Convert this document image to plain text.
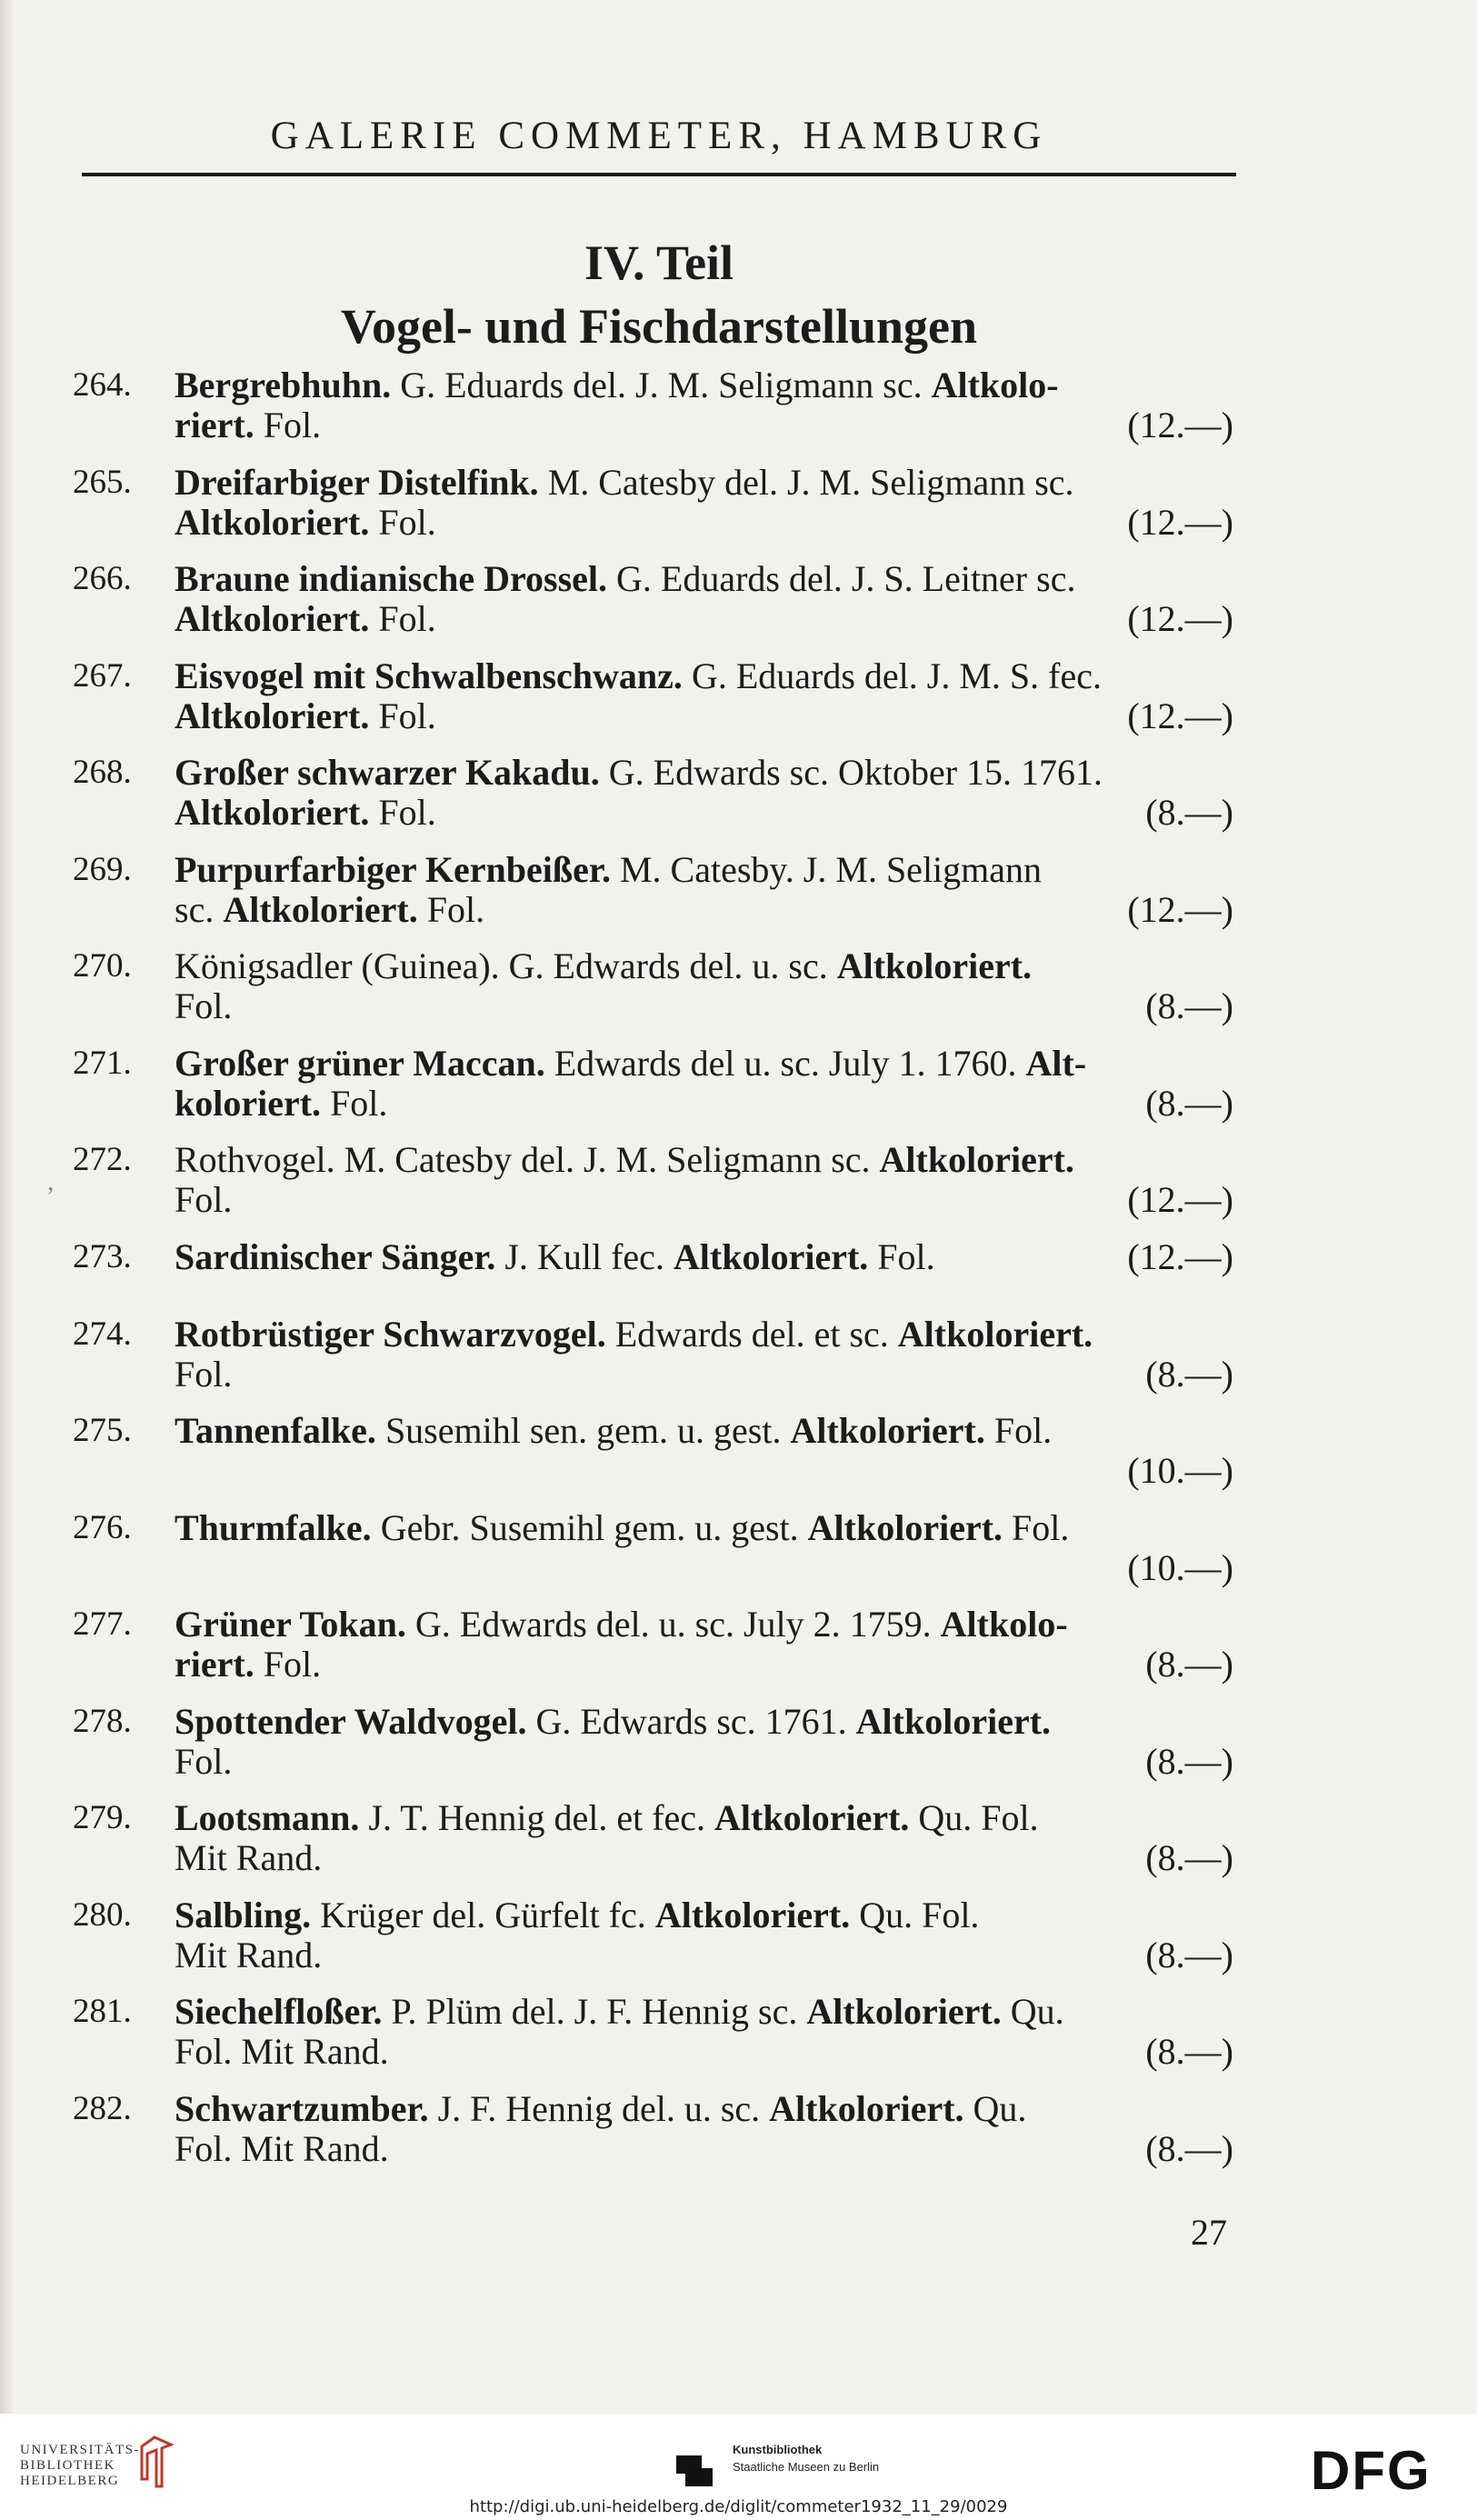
GALERIE COMMETER, HAMBURG
IV. Teil
Vogel- und Fischdarstellungen
,
264. Bergrebhuhn. G. Eduards del. J. M. Seligmann sc. Altkolo-
riert. Fol.	(12.—)
265. Dreifarbiger Distelfink. M. Catesby del. J. M. Seligmann sc.
Altkoloriert. Fol.	(12.—)
266. Braune indianische Drossel. G. Eduards del. J. S. Leitner sc.
Altkoloriert. Fol.	(12.—)
267. Eisvogel mit Schwalbenschwanz. G. Eduards del. J. M. S. fec.
Altkoloriert. Fol.	(12.—)
268. Großer schwarzer Kakadu. G. Edwards sc. Oktober 15. 1761.
Altkoloriert. Fol.	(8.—)
269. Purpurfarbiger Kernbeißer. M. Catesby. J. M. Seligmann
sc. Altkoloriert. Fol.	(12.—)
270. Königsadler (Guinea). G. Edwards del. u. sc. Altkoloriert.
Fol.	(8.—)
271. Großer grüner Maccan. Edwards del u. sc. July 1. 1760. Alt-
koloriert. Fol.	(8.—)
272. Rothvogel. M. Catesby del. J. M. Seligmann sc. Altkoloriert.
Fol.	(12.—)
273. Sardinischer Sänger. J. Kull fec. Altkoloriert. Fol.	(12.—)
274. Rotbrüstiger Schwarzvogel. Edwards del. et sc. Altkoloriert.
Fol.	(8.—)
275. Tannenfalke. Susemihl sen. gem. u. gest. Altkoloriert. Fol.
(10.—)
276. Thurmfalke. Gebr. Susemihl gem. u. gest. Altkoloriert. Fol.
(10.—)
277. Grüner Tokan. G. Edwards del. u. sc. July 2. 1759. Altkolo-
riert. Fol.	(8.—)
278. Spottender Waldvogel. G. Edwards sc. 1761. Altkoloriert.
Fol.	(8.—)
279. Lootsmann. J. T. Hennig del. et fec. Altkoloriert. Qu. Fol.
Mit Rand.	(8.—)
280. Salbling. Krüger del. Gürfelt fc. Altkoloriert. Qu. Fol.
Mit Rand.	(8.—)
281. Siechelfloßer. P. Plüm del. J. F. Hennig sc. Altkoloriert. Qu.
Fol. Mit Rand.	(8.—)
282. Schwartzumber. J. F. Hennig del. u. sc. Altkoloriert. Qu.
Fol. Mit Rand.	(8.—)
27
UNIVERSITÄTS-
BIBLIOTHEK
HEIDELBERG
Kunstbibliothek
Staatliche Museen zu Berlin	DFG
http://digi.ub.uni-heidelberg.de/diglit/commeter1932_11_29/0029
